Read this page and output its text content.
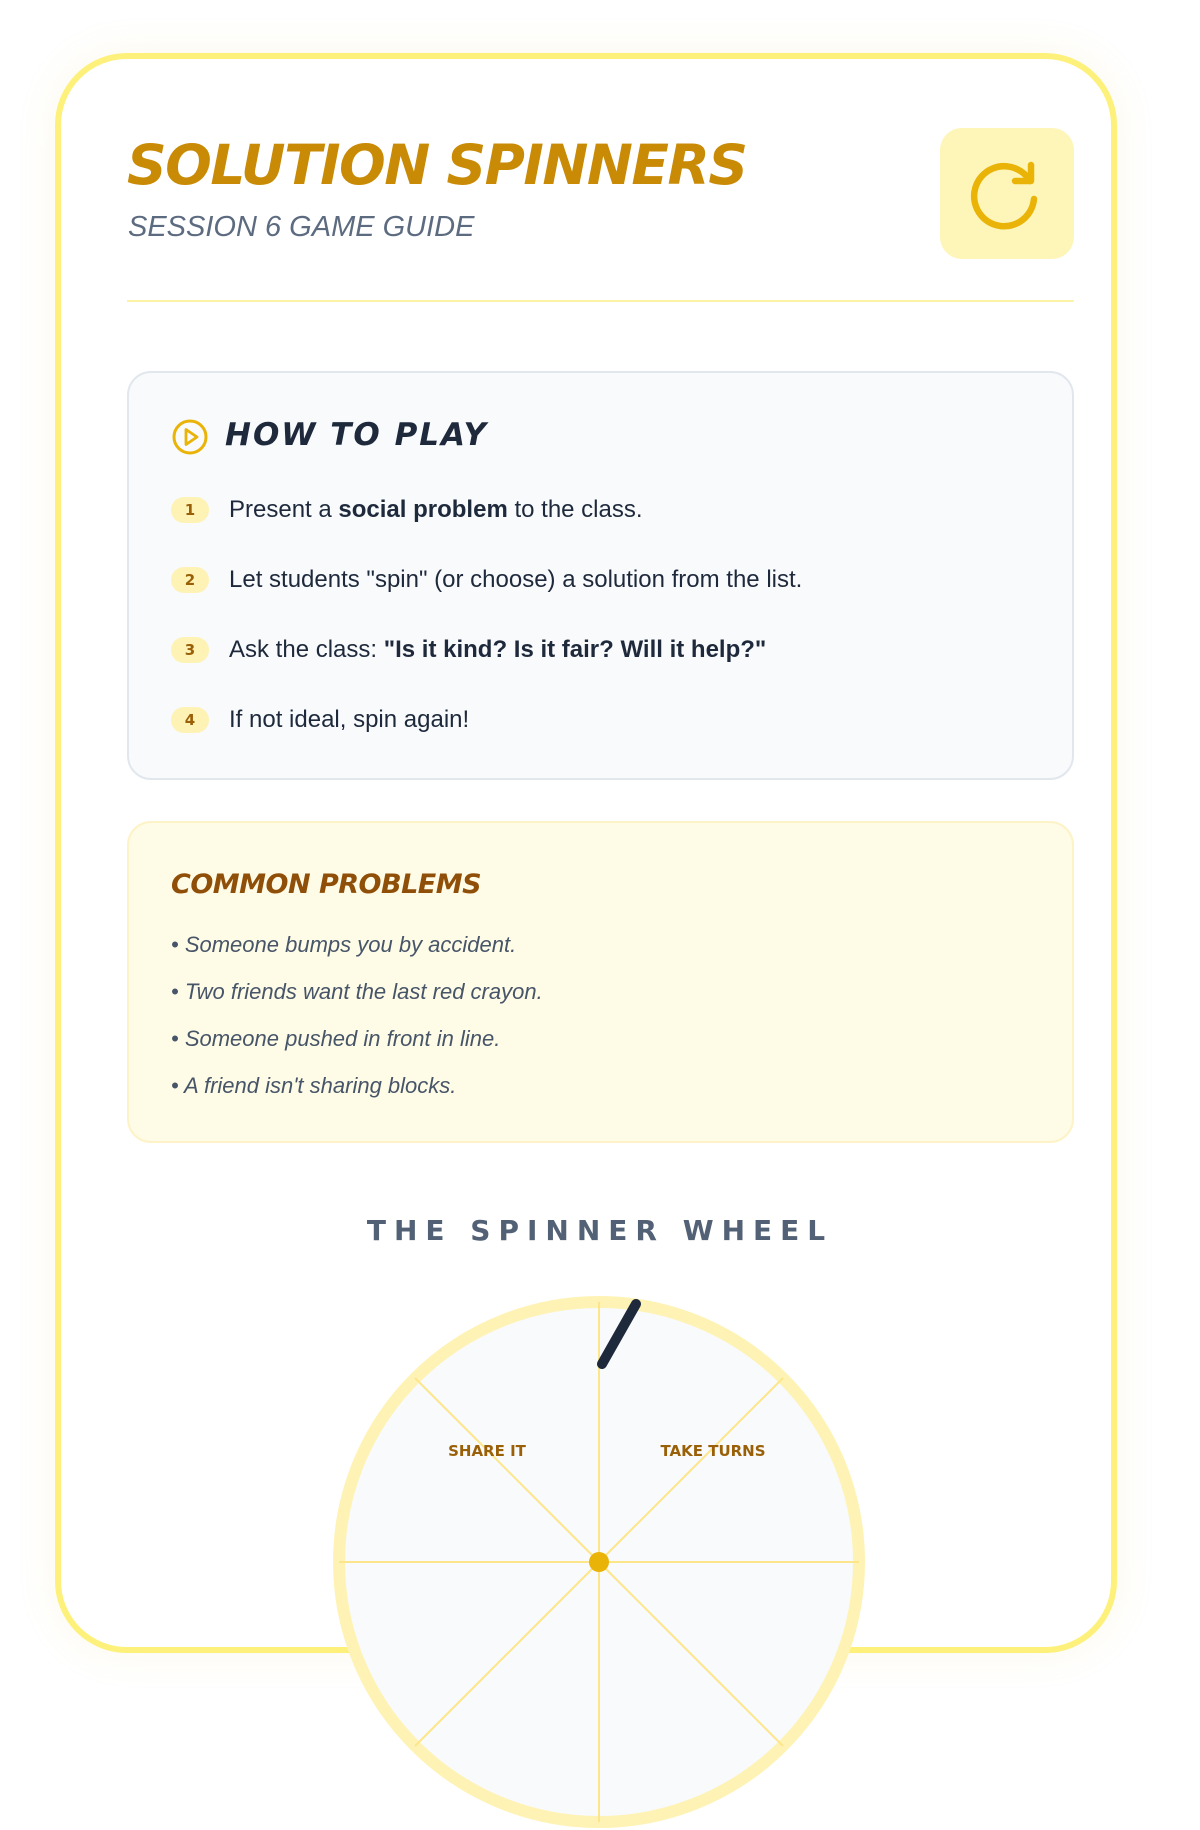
SOLUTION SPINNERS
SESSION 6 GAME GUIDE
HOW TO PLAY
1	Present a social problem to the class.
2	Let students "spin" (or choose) a solution from the list.
3	Ask the class: "Is it kind? Is it fair? Will it help?"
4	If not ideal, spin again!
COMMON PROBLEMS
• Someone bumps you by accident.
• Two friends want the last red crayon.
• Someone pushed in front in line.
• A friend isn't sharing blocks.
THE SPINNER WHEEL
SHARE IT	TAKE TURNS
